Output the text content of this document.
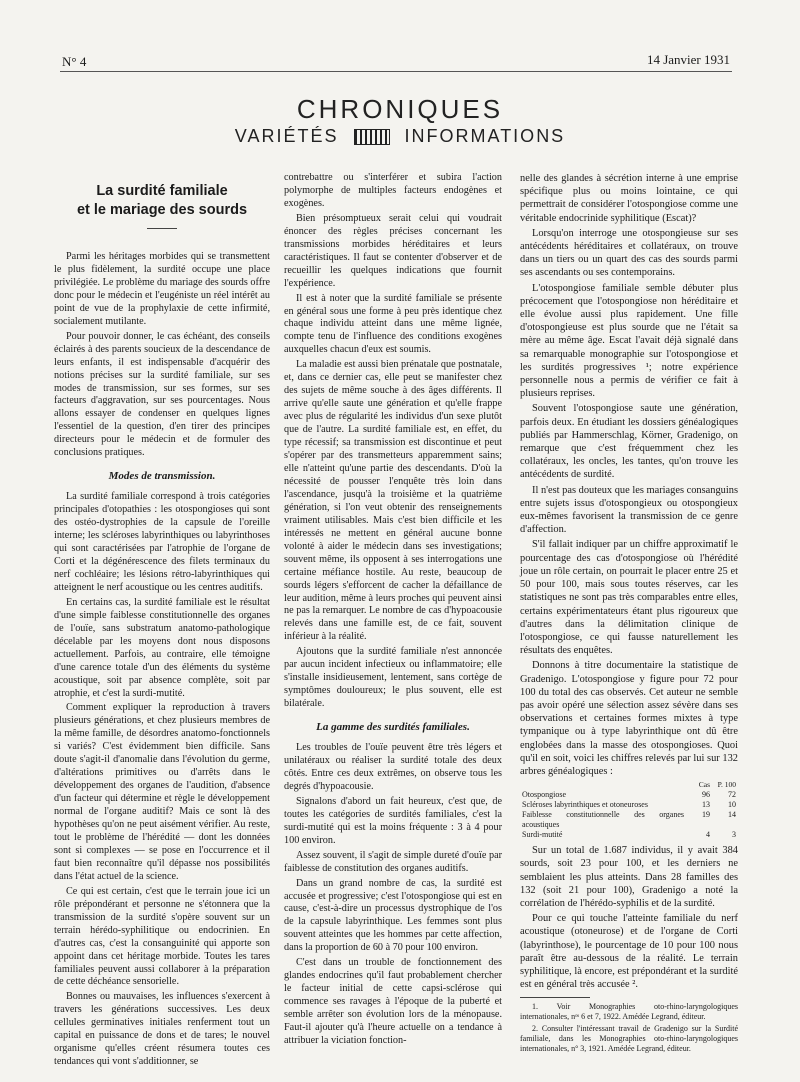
N° 4	14 Janvier 1931
CHRONIQUES
VARIÉTÉS	INFORMATIONS
La surdité familiale
et le mariage des sourds

Parmi les héritages morbides qui se transmettent le plus fidèlement, la surdité occupe une place privilégiée. Le problème du mariage des sourds offre donc pour le médecin et l'eugéniste un réel intérêt au point de vue de la prophylaxie de cette infirmité, socialement mutilante.

Pour pouvoir donner, le cas échéant, des conseils éclairés à des parents soucieux de la descendance de leurs enfants, il est indispensable d'acquérir des notions précises sur la surdité familiale, sur ses modes de transmission, sur ses formes, sur ses facteurs d'aggravation, sur ses pourcentages. Nous allons essayer de condenser en quelques lignes l'essentiel de la question, d'en tirer des principes directeurs pour le médecin et de formuler des conclusions pratiques.

Modes de transmission.

La surdité familiale correspond à trois catégories principales d'otopathies : les otospongioses qui sont des ostéo-dystrophies de la capsule de l'oreille interne; les scléroses labyrinthiques ou labyrinthoses qui sont caractérisées par l'atrophie de l'organe de Corti et la dégénérescence des filets terminaux du nerf cochléaire; les lésions rétro-labyrinthiques qui atteignent le nerf acoustique ou les centres auditifs.

En certains cas, la surdité familiale est le résultat d'une simple faiblesse constitutionnelle des organes de l'ouïe, sans substratum anatomo-pathologique décelable par les moyens dont nous disposons actuellement. Parfois, au contraire, elle témoigne d'une carence totale d'un des éléments du système acoustique, soit par absence complète, soit par atrophie, et c'est la surdi-mutité.

Comment expliquer la reproduction à travers plusieurs générations, et chez plusieurs membres de la même famille, de désordres anatomo-fonctionnels si variés? C'est évidemment bien difficile. Sans doute s'agit-il d'anomalie dans l'évolution du germe, d'altérations primitives ou d'arrêts dans le développement des organes de l'audition, d'absence d'un facteur qui détermine et règle le développement normal de l'organe auditif? Mais ce sont là des hypothèses qu'on ne peut aisément vérifier. Au reste, tout le problème de l'hérédité — dont les données sont si complexes — se pose en l'occurrence et il faut bien reconnaître qu'il dépasse nos possibilités dans l'état actuel de la science.

Ce qui est certain, c'est que le terrain joue ici un rôle prépondérant et personne ne s'étonnera que la transmission de la surdité s'opère souvent sur un terrain hérédo-syphilitique ou endocrinien. En d'autres cas, c'est la consanguinité qui apporte son appoint dans cet héritage morbide. Toutes les tares familiales peuvent aussi collaborer à la préparation de cette déchéance sensorielle.

Bonnes ou mauvaises, les influences s'exercent à travers les générations successives. Les deux cellules germinatives initiales renferment tout un capital en puissance de dons et de tares; le nouvel organisme qu'elles créent résumera toutes ces tendances qui vont s'additionner, se

contrebattre ou s'interférer et subira l'action polymorphe de multiples facteurs endogènes et exogènes.

Bien présomptueux serait celui qui voudrait énoncer des règles précises concernant les transmissions morbides héréditaires et leurs caractéristiques. Il faut se contenter d'observer et de recueillir les quelques indications que fournit l'expérience.

Il est à noter que la surdité familiale se présente en général sous une forme à peu près identique chez chaque individu atteint dans une même lignée, compte tenu de l'influence des conditions exogènes auxquelles chacun d'eux est soumis.

La maladie est aussi bien prénatale que postnatale, et, dans ce dernier cas, elle peut se manifester chez des sujets de même souche à des âges différents. Il arrive qu'elle saute une génération et qu'elle frappe avec plus de régularité les individus d'un sexe plutôt que de l'autre. La surdité familiale est, en effet, du type récessif; sa transmission est discontinue et peut s'opérer par des transmetteurs apparemment sains; elle n'atteint qu'une partie des descendants. D'où la nécessité de pousser l'enquête très loin dans l'ascendance, jusqu'à la troisième et la quatrième génération, si l'on veut obtenir des renseignements vraiment utilisables. Mais c'est bien difficile et les intéressés ne mettent en général aucune bonne volonté à aider le médecin dans ses investigations; souvent même, ils opposent à ses interrogations une certaine méfiance hostile. Au reste, beaucoup de sourds légers s'efforcent de cacher la défaillance de leur audition, même à leurs proches qui peuvent ainsi ne pas la remarquer. Le nombre de cas d'hypoacousie relevés dans une famille est, de ce fait, souvent inférieur à la réalité.

Ajoutons que la surdité familiale n'est annoncée par aucun incident infectieux ou inflammatoire; elle s'installe insidieusement, lentement, sans cortège de symptômes douloureux; le plus souvent, elle est bilatérale.

La gamme des surdités familiales.

Les troubles de l'ouïe peuvent être très légers et unilatéraux ou réaliser la surdité totale des deux côtés. Entre ces deux extrêmes, on observe tous les degrés d'hypoacousie.

Signalons d'abord un fait heureux, c'est que, de toutes les catégories de surdités familiales, c'est la surdi-mutité qui est la moins fréquente : 3 à 4 pour 100 environ.

Assez souvent, il s'agit de simple dureté d'ouïe par faiblesse de constitution des organes auditifs.

Dans un grand nombre de cas, la surdité est accusée et progressive; c'est l'otospongiose qui est en cause, c'est-à-dire un processus dystrophique de l'os de la capsule labyrinthique. Les femmes sont plus souvent atteintes que les hommes par cette affection, dans la proportion de 60 à 70 pour 100 environ.

C'est dans un trouble de fonctionnement des glandes endocrines qu'il faut probablement chercher le facteur initial de cette capsi-sclérose qui commence ses ravages à l'époque de la puberté et semble arrêter son évolution lors de la ménopause. Faut-il ajouter qu'à l'heure actuelle on a tendance à attribuer la viciation fonction-

nelle des glandes à sécrétion interne à une emprise spécifique plus ou moins lointaine, ce qui permettrait de considérer l'otospongiose comme une véritable endocrinide syphilitique (Escat)?

Lorsqu'on interroge une otospongieuse sur ses antécédents héréditaires et collatéraux, on trouve dans un tiers ou un quart des cas des sourds parmi ses ascendants ou ses contemporains.

L'otospongiose familiale semble débuter plus précocement que l'otospongiose non héréditaire et elle évolue aussi plus rapidement. Une fille d'otospongieuse est plus sourde que ne l'était sa mère au même âge. Escat l'avait déjà signalé dans sa remarquable monographie sur l'otospongiose et les surdités progressives ¹; notre expérience personnelle nous a permis de vérifier ce fait à plusieurs reprises.

Souvent l'otospongiose saute une génération, parfois deux. En étudiant les dossiers généalogiques publiés par Hammerschlag, Körner, Gradenigo, on remarque que c'est fréquemment chez les collatéraux, les oncles, les tantes, qu'on trouve les antécédents de surdité.

Il n'est pas douteux que les mariages consanguins entre sujets issus d'otospongieux ou otospongieux eux-mêmes favorisent la transmission de ce genre d'affection.

S'il fallait indiquer par un chiffre approximatif le pourcentage des cas d'otospongiose où l'hérédité joue un rôle certain, on pourrait le placer entre 25 et 50 pour 100, mais sous toutes réserves, car les statistiques ne sont pas très comparables entre elles, certains expérimentateurs étant plus rigoureux que d'autres dans la délimitation clinique de l'otospongiose, ce qui fausse naturellement les résultats des enquêtes.

Donnons à titre documentaire la statistique de Gradenigo. L'otospongiose y figure pour 72 pour 100 du total des cas observés. Cet auteur ne semble pas avoir opéré une sélection assez sévère dans ses observations et certaines formes mixtes à type tympanique ou à type labyrinthique ont dû être englobées dans la masse des otospongioses. Quoi qu'il en soit, voici les chiffres relevés par lui sur 132 arbres généalogiques :

	Cas	P. 100
Otospongiose	96	72
Scléroses labyrinthiques et otoneuroses	13	10
Faiblesse constitutionnelle des organes acoustiques	19	14
Surdi-mutité	4	3

Sur un total de 1.687 individus, il y avait 384 sourds, soit 23 pour 100, et les derniers ne semblaient les plus atteints. Dans 28 familles des 132 (soit 21 pour 100), Gradenigo a noté la corrélation de l'hérédo-syphilis et de la surdité.

Pour ce qui touche l'atteinte familiale du nerf acoustique (otoneurose) et de l'organe de Corti (labyrinthose), le pourcentage de 10 pour 100 nous paraît être au-dessous de la réalité. Le terrain syphilitique, là encore, est prépondérant et la surdité est en général très accusée ².

1. Voir Monographies oto-rhino-laryngologiques internationales, nᵒˢ 6 et 7, 1922. Amédée Legrand, éditeur.

2. Consulter l'intéressant travail de Gradenigo sur la Surdité familiale, dans les Monographies oto-rhino-laryngologiques internationales, n° 3, 1921. Amédée Legrand, éditeur.
